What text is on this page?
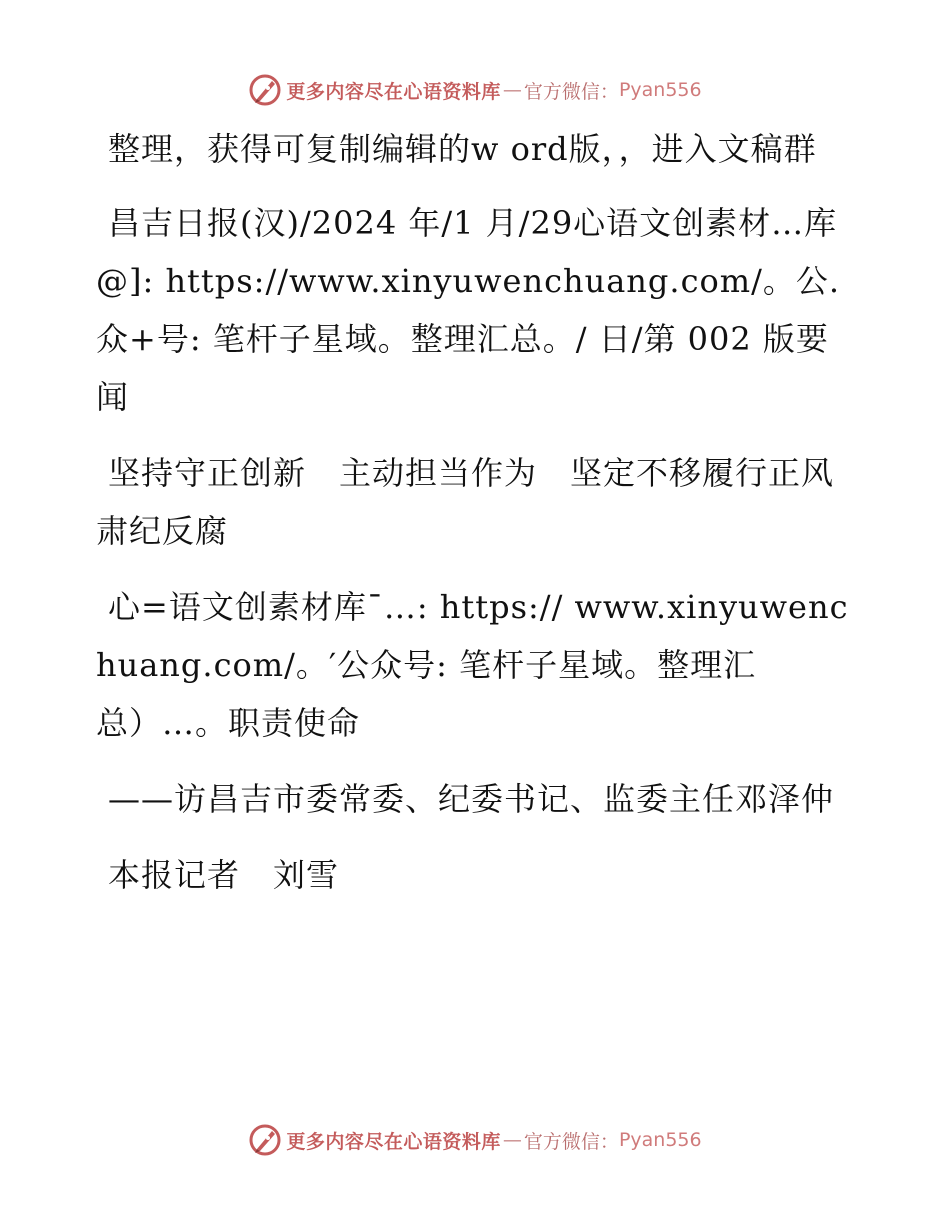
更多内容尽在心语资料库 — 官方微信： Pyan556

整理，获得可复制编辑的w ord版，，进入文稿群

昌吉日报(汉)/2024 年/1 月/29心语文创素材…库@]: https://www.xinyuwenchuang.com/。公.众+号: 笔杆子星域。整理汇总。/ 日/第 002 版要闻

坚持守正创新　主动担当作为　坚定不移履行正风肃纪反腐

心=语文创素材库¯…: https:// www.xinyuwenchuang.com/。′公众号: 笔杆子星域。整理汇总）…。职责使命

——访昌吉市委常委、纪委书记、监委主任邓泽仲

本报记者　刘雪

更多内容尽在心语资料库 — 官方微信： Pyan556
